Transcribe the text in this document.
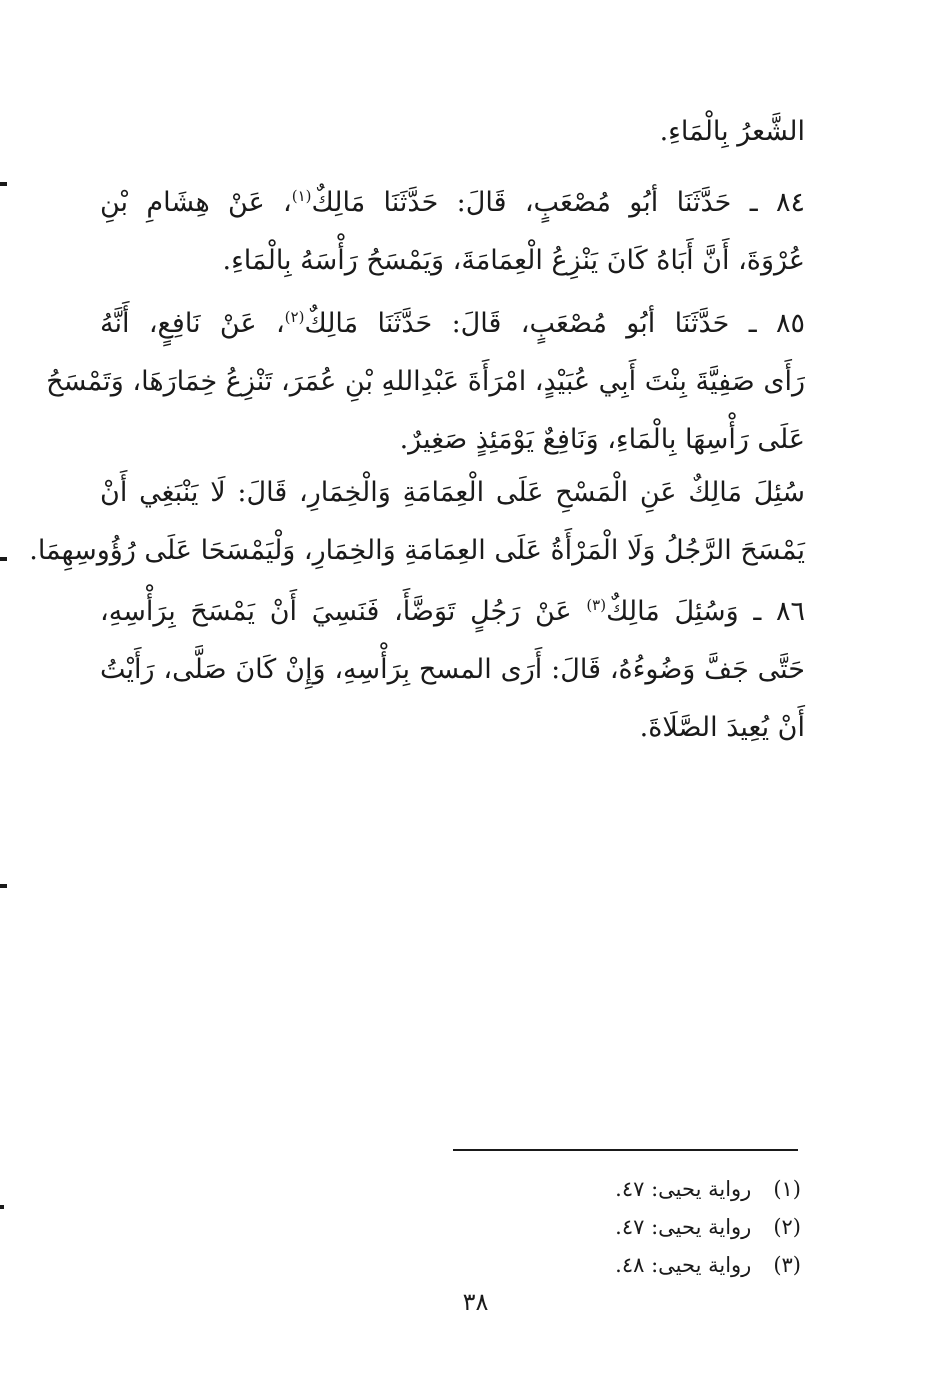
الشَّعرُ بِالْمَاءِ.
٨٤ ـ حَدَّثَنَا أبُو مُصْعَبٍ، قَالَ: حَدَّثَنَا مَالِكٌ$^{(١)}$، عَنْ هِشَامِ بْنِ
عُرْوَةَ، أَنَّ أَبَاهُ كَانَ يَنْزِعُ الْعِمَامَةَ، وَيَمْسَحُ رَأْسَهُ بِالْمَاءِ.
٨٥ ـ حَدَّثَنَا أبُو مُصْعَبٍ، قَالَ: حَدَّثَنَا مَالِكٌ$^{(٢)}$، عَنْ نَافِعٍ، أَنَّهُ
رَأَى صَفِيَّةَ بِنْتَ أَبِي عُبَيْدٍ، امْرَأَةَ عَبْدِاللهِ بْنِ عُمَرَ، تَنْزِعُ خِمَارَهَا، وَتَمْسَحُ
عَلَى رَأْسِهَا بِالْمَاءِ، وَنَافِعٌ يَوْمَئِذٍ صَغِيرٌ.
سُئِلَ مَالِكٌ عَنِ الْمَسْحِ عَلَى الْعِمَامَةِ وَالْخِمَارِ، قَالَ: لَا يَنْبَغِي أَنْ
يَمْسَحَ الرَّجُلُ وَلَا الْمَرْأَةُ عَلَى العِمَامَةِ وَالخِمَارِ، وَلْيَمْسَحَا عَلَى رُؤُوسِهِمَا.
٨٦ ـ وَسُئِلَ مَالِكٌ$^{(٣)}$ عَنْ رَجُلٍ تَوَضَّأَ، فَنَسِيَ أَنْ يَمْسَحَ بِرَأْسِهِ،
حَتَّى جَفَّ وَضُوءُهُ، قَالَ: أَرَى المسح بِرَأْسِهِ، وَإِنْ كَانَ صَلَّى، رَأَيْتُ
أَنْ يُعِيدَ الصَّلَاةَ.
(١)رواية يحيى: ٤٧.
(٢)رواية يحيى: ٤٧.
(٣)رواية يحيى: ٤٨.
٣٨
